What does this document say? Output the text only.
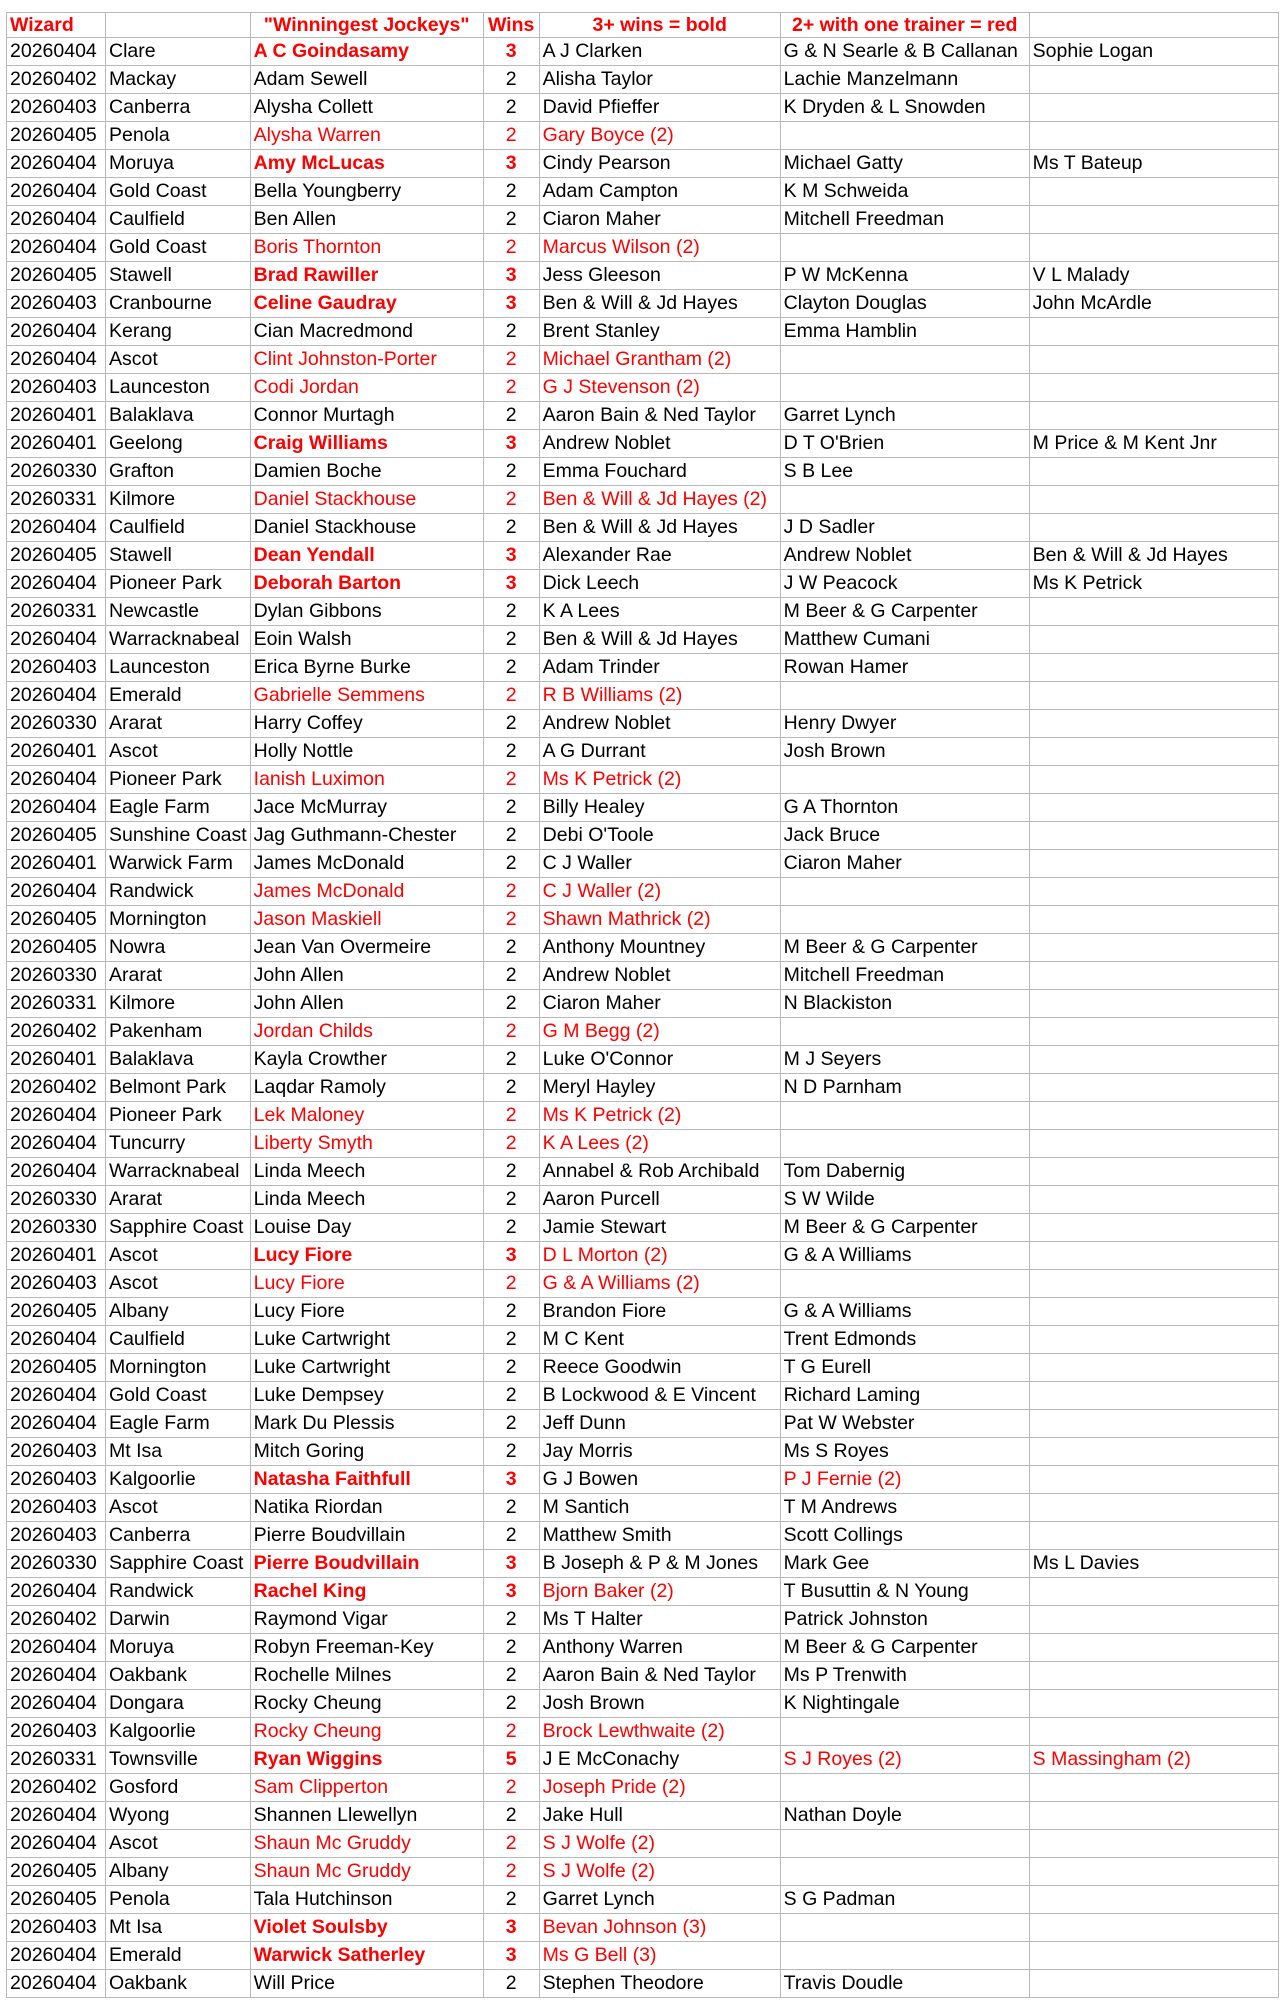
Wizard		"Winningest Jockeys"	Wins	3+ wins = bold	2+ with one trainer = red	
20260404	Clare	A C Goindasamy	3	A J Clarken	G & N Searle & B Callanan	Sophie Logan
20260402	Mackay	Adam Sewell	2	Alisha Taylor	Lachie Manzelmann	
20260403	Canberra	Alysha Collett	2	David Pfieffer	K Dryden & L Snowden	
20260405	Penola	Alysha Warren	2	Gary Boyce (2)		
20260404	Moruya	Amy McLucas	3	Cindy Pearson	Michael Gatty	Ms T Bateup
20260404	Gold Coast	Bella Youngberry	2	Adam Campton	K M Schweida	
20260404	Caulfield	Ben Allen	2	Ciaron Maher	Mitchell Freedman	
20260404	Gold Coast	Boris Thornton	2	Marcus Wilson (2)		
20260405	Stawell	Brad Rawiller	3	Jess Gleeson	P W McKenna	V L Malady
20260403	Cranbourne	Celine Gaudray	3	Ben & Will & Jd Hayes	Clayton Douglas	John McArdle
20260404	Kerang	Cian Macredmond	2	Brent Stanley	Emma Hamblin	
20260404	Ascot	Clint Johnston-Porter	2	Michael Grantham (2)		
20260403	Launceston	Codi Jordan	2	G J Stevenson (2)		
20260401	Balaklava	Connor Murtagh	2	Aaron Bain & Ned Taylor	Garret Lynch	
20260401	Geelong	Craig Williams	3	Andrew Noblet	D T O'Brien	M Price & M Kent Jnr
20260330	Grafton	Damien Boche	2	Emma Fouchard	S B Lee	
20260331	Kilmore	Daniel Stackhouse	2	Ben & Will & Jd Hayes (2)		
20260404	Caulfield	Daniel Stackhouse	2	Ben & Will & Jd Hayes	J D Sadler	
20260405	Stawell	Dean Yendall	3	Alexander Rae	Andrew Noblet	Ben & Will & Jd Hayes
20260404	Pioneer Park	Deborah Barton	3	Dick Leech	J W Peacock	Ms K Petrick
20260331	Newcastle	Dylan Gibbons	2	K A Lees	M Beer & G Carpenter	
20260404	Warracknabeal	Eoin Walsh	2	Ben & Will & Jd Hayes	Matthew Cumani	
20260403	Launceston	Erica Byrne Burke	2	Adam Trinder	Rowan Hamer	
20260404	Emerald	Gabrielle Semmens	2	R B Williams (2)		
20260330	Ararat	Harry Coffey	2	Andrew Noblet	Henry Dwyer	
20260401	Ascot	Holly Nottle	2	A G Durrant	Josh Brown	
20260404	Pioneer Park	Ianish Luximon	2	Ms K Petrick (2)		
20260404	Eagle Farm	Jace McMurray	2	Billy Healey	G A Thornton	
20260405	Sunshine Coast	Jag Guthmann-Chester	2	Debi O'Toole	Jack Bruce	
20260401	Warwick Farm	James McDonald	2	C J Waller	Ciaron Maher	
20260404	Randwick	James McDonald	2	C J Waller (2)		
20260405	Mornington	Jason Maskiell	2	Shawn Mathrick (2)		
20260405	Nowra	Jean Van Overmeire	2	Anthony Mountney	M Beer & G Carpenter	
20260330	Ararat	John Allen	2	Andrew Noblet	Mitchell Freedman	
20260331	Kilmore	John Allen	2	Ciaron Maher	N Blackiston	
20260402	Pakenham	Jordan Childs	2	G M Begg (2)		
20260401	Balaklava	Kayla Crowther	2	Luke O'Connor	M J Seyers	
20260402	Belmont Park	Laqdar Ramoly	2	Meryl Hayley	N D Parnham	
20260404	Pioneer Park	Lek Maloney	2	Ms K Petrick (2)		
20260404	Tuncurry	Liberty Smyth	2	K A Lees (2)		
20260404	Warracknabeal	Linda Meech	2	Annabel & Rob Archibald	Tom Dabernig	
20260330	Ararat	Linda Meech	2	Aaron Purcell	S W Wilde	
20260330	Sapphire Coast	Louise Day	2	Jamie Stewart	M Beer & G Carpenter	
20260401	Ascot	Lucy Fiore	3	D L Morton (2)	G & A Williams	
20260403	Ascot	Lucy Fiore	2	G & A Williams (2)		
20260405	Albany	Lucy Fiore	2	Brandon Fiore	G & A Williams	
20260404	Caulfield	Luke Cartwright	2	M C Kent	Trent Edmonds	
20260405	Mornington	Luke Cartwright	2	Reece Goodwin	T G Eurell	
20260404	Gold Coast	Luke Dempsey	2	B Lockwood & E Vincent	Richard Laming	
20260404	Eagle Farm	Mark Du Plessis	2	Jeff Dunn	Pat W Webster	
20260403	Mt Isa	Mitch Goring	2	Jay Morris	Ms S Royes	
20260403	Kalgoorlie	Natasha Faithfull	3	G J Bowen	P J Fernie (2)	
20260403	Ascot	Natika Riordan	2	M Santich	T M Andrews	
20260403	Canberra	Pierre Boudvillain	2	Matthew Smith	Scott Collings	
20260330	Sapphire Coast	Pierre Boudvillain	3	B Joseph & P & M Jones	Mark Gee	Ms L Davies
20260404	Randwick	Rachel King	3	Bjorn Baker (2)	T Busuttin & N Young	
20260402	Darwin	Raymond Vigar	2	Ms T Halter	Patrick Johnston	
20260404	Moruya	Robyn Freeman-Key	2	Anthony Warren	M Beer & G Carpenter	
20260404	Oakbank	Rochelle Milnes	2	Aaron Bain & Ned Taylor	Ms P Trenwith	
20260404	Dongara	Rocky Cheung	2	Josh Brown	K Nightingale	
20260403	Kalgoorlie	Rocky Cheung	2	Brock Lewthwaite (2)		
20260331	Townsville	Ryan Wiggins	5	J E McConachy	S J Royes (2)	S Massingham (2)
20260402	Gosford	Sam Clipperton	2	Joseph Pride (2)		
20260404	Wyong	Shannen Llewellyn	2	Jake Hull	Nathan Doyle	
20260404	Ascot	Shaun Mc Gruddy	2	S J Wolfe (2)		
20260405	Albany	Shaun Mc Gruddy	2	S J Wolfe (2)		
20260405	Penola	Tala Hutchinson	2	Garret Lynch	S G Padman	
20260403	Mt Isa	Violet Soulsby	3	Bevan Johnson (3)		
20260404	Emerald	Warwick Satherley	3	Ms G Bell (3)		
20260404	Oakbank	Will Price	2	Stephen Theodore	Travis Doudle	
